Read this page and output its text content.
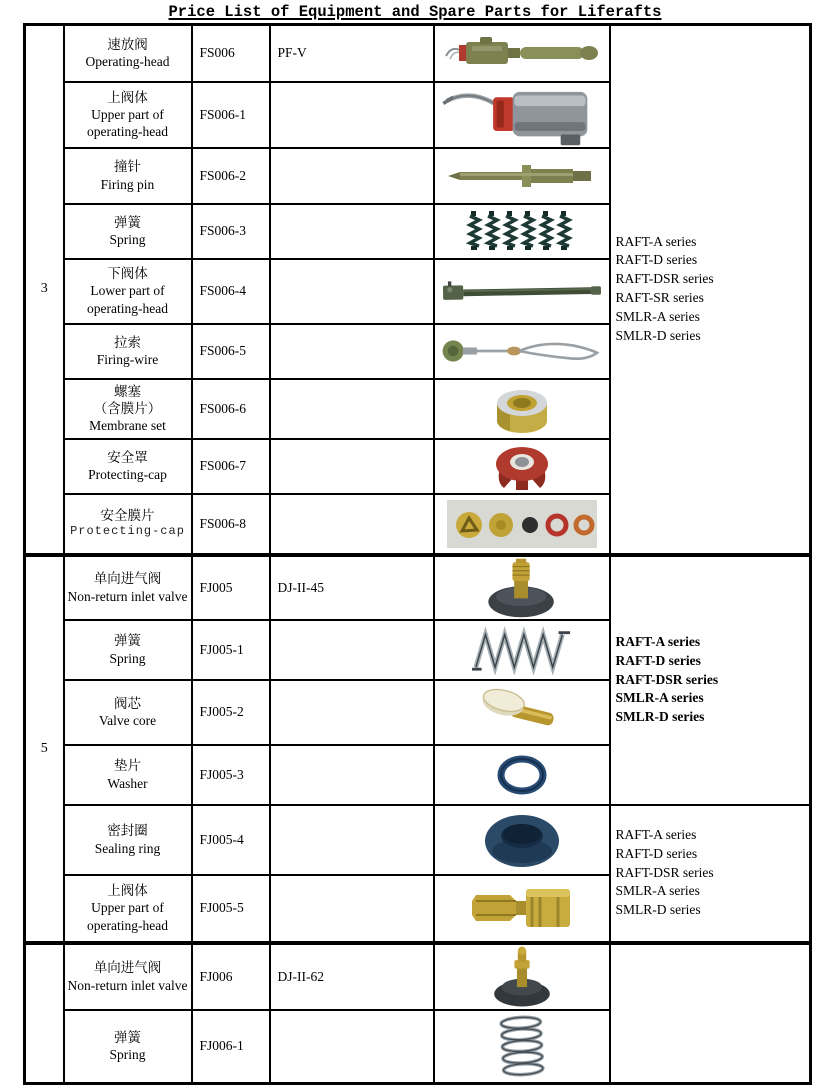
Price List of Equipment and Spare Parts for Liferafts
3	
速放阀
Operating-head
	FS006	PF-V	

RAFT-A series
RAFT-D series
RAFT-DSR series
RAFT-SR series
SMLR-A series
SMLR-D series

	上阀体
Upper part of operating-head	FS006-1		

	撞针
Firing pin	FS006-2		

	弹簧
Spring	FS006-3		

	下阀体
Lower part of operating-head	FS006-4		

	拉索
Firing-wire	FS006-5		

	螺塞
（含膜片）
Membrane set	FS006-6		

	安全罩
Protecting-cap	FS006-7		

	安全膜片
Protecting-cap	FS006-8		

5	
单向进气阀
Non-return inlet valve
	FJ005	DJ-II-45	

RAFT-A series
RAFT-D series
RAFT-DSR series
SMLR-A series
SMLR-D series

	弹簧
Spring	FJ005-1		

	阀芯
Valve core	FJ005-2		

	垫片
Washer	FJ005-3		

密封圈
Sealing ring
	FJ005-4			RAFT-A series
RAFT-D series
RAFT-DSR series
SMLR-A series
SMLR-D series

	上阀体
Upper part of operating-head	FJ005-5		

	单向进气阀
Non-return inlet valve	FJ006	DJ-II-62	

	弹簧
Spring	FJ006-1		
